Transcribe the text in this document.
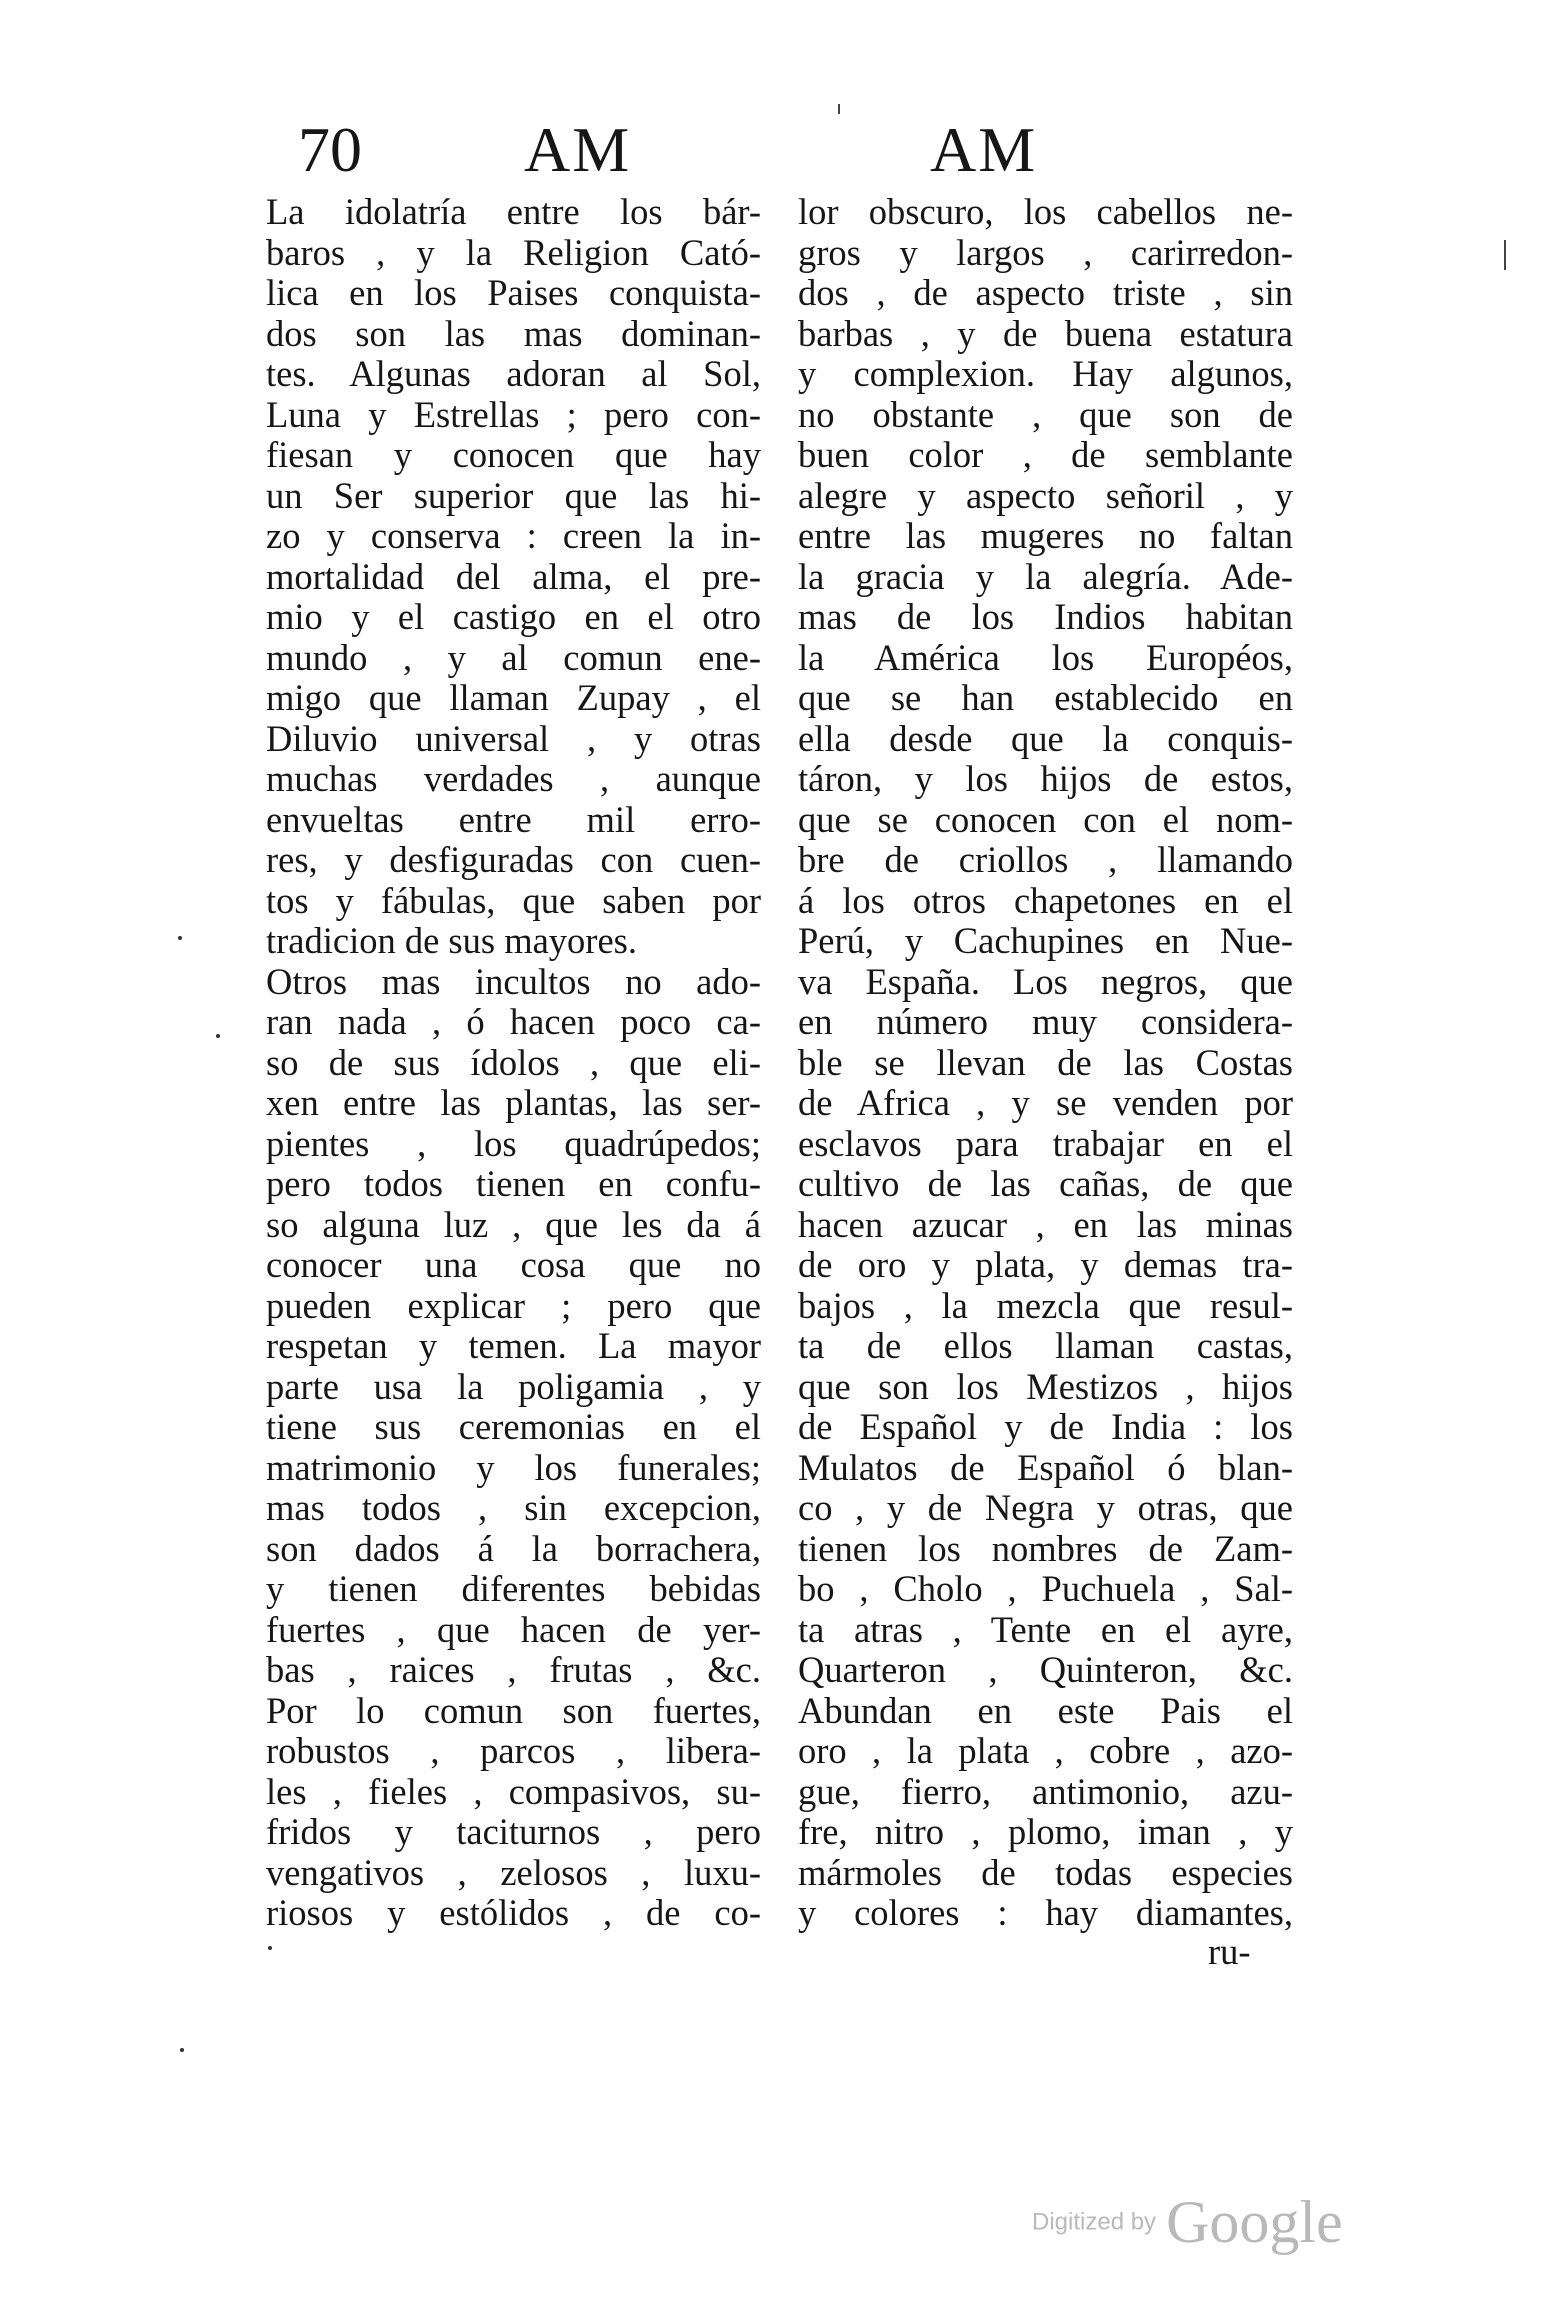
70	AM	AM
La idolatría entre los bár-
baros , y la Religion Cató-
lica en los Paises conquista-
dos son las mas dominan-
tes. Algunas adoran al Sol,
Luna y Estrellas ; pero con-
fiesan y conocen que hay
un Ser superior que las hi-
zo y conserva : creen la in-
mortalidad del alma, el pre-
mio y el castigo en el otro
mundo , y al comun ene-
migo que llaman Zupay , el
Diluvio universal , y otras
muchas verdades , aunque
envueltas entre mil erro-
res, y desfiguradas con cuen-
tos y fábulas, que saben por
tradicion de sus mayores.
Otros mas incultos no ado-
ran nada , ó hacen poco ca-
so de sus ídolos , que eli-
xen entre las plantas, las ser-
pientes , los quadrúpedos;
pero todos tienen en confu-
so alguna luz , que les da á
conocer una cosa que no
pueden explicar ; pero que
respetan y temen. La mayor
parte usa la poligamia , y
tiene sus ceremonias en el
matrimonio y los funerales;
mas todos , sin excepcion,
son dados á la borrachera,
y tienen diferentes bebidas
fuertes , que hacen de yer-
bas , raices , frutas , &c.
Por lo comun son fuertes,
robustos , parcos , libera-
les , fieles , compasivos, su-
fridos y taciturnos , pero
vengativos , zelosos , luxu-
riosos y estólidos , de co-
lor obscuro, los cabellos ne-
gros y largos , carirredon-
dos , de aspecto triste , sin
barbas , y de buena estatura
y complexion. Hay algunos,
no obstante , que son de
buen color , de semblante
alegre y aspecto señoril , y
entre las mugeres no faltan
la gracia y la alegría. Ade-
mas de los Indios habitan
la América los Européos,
que se han establecido en
ella desde que la conquis-
táron, y los hijos de estos,
que se conocen con el nom-
bre de criollos , llamando
á los otros chapetones en el
Perú, y Cachupines en Nue-
va España. Los negros, que
en número muy considera-
ble se llevan de las Costas
de Africa , y se venden por
esclavos para trabajar en el
cultivo de las cañas, de que
hacen azucar , en las minas
de oro y plata, y demas tra-
bajos , la mezcla que resul-
ta de ellos llaman castas,
que son los Mestizos , hijos
de Español y de India : los
Mulatos de Español ó blan-
co , y de Negra y otras, que
tienen los nombres de Zam-
bo , Cholo , Puchuela , Sal-
ta atras , Tente en el ayre,
Quarteron , Quinteron, &c.
Abundan en este Pais el
oro , la plata , cobre , azo-
gue, fierro, antimonio, azu-
fre, nitro , plomo, iman , y
mármoles de todas especies
y colores : hay diamantes,
ru-
Digitized by Google
